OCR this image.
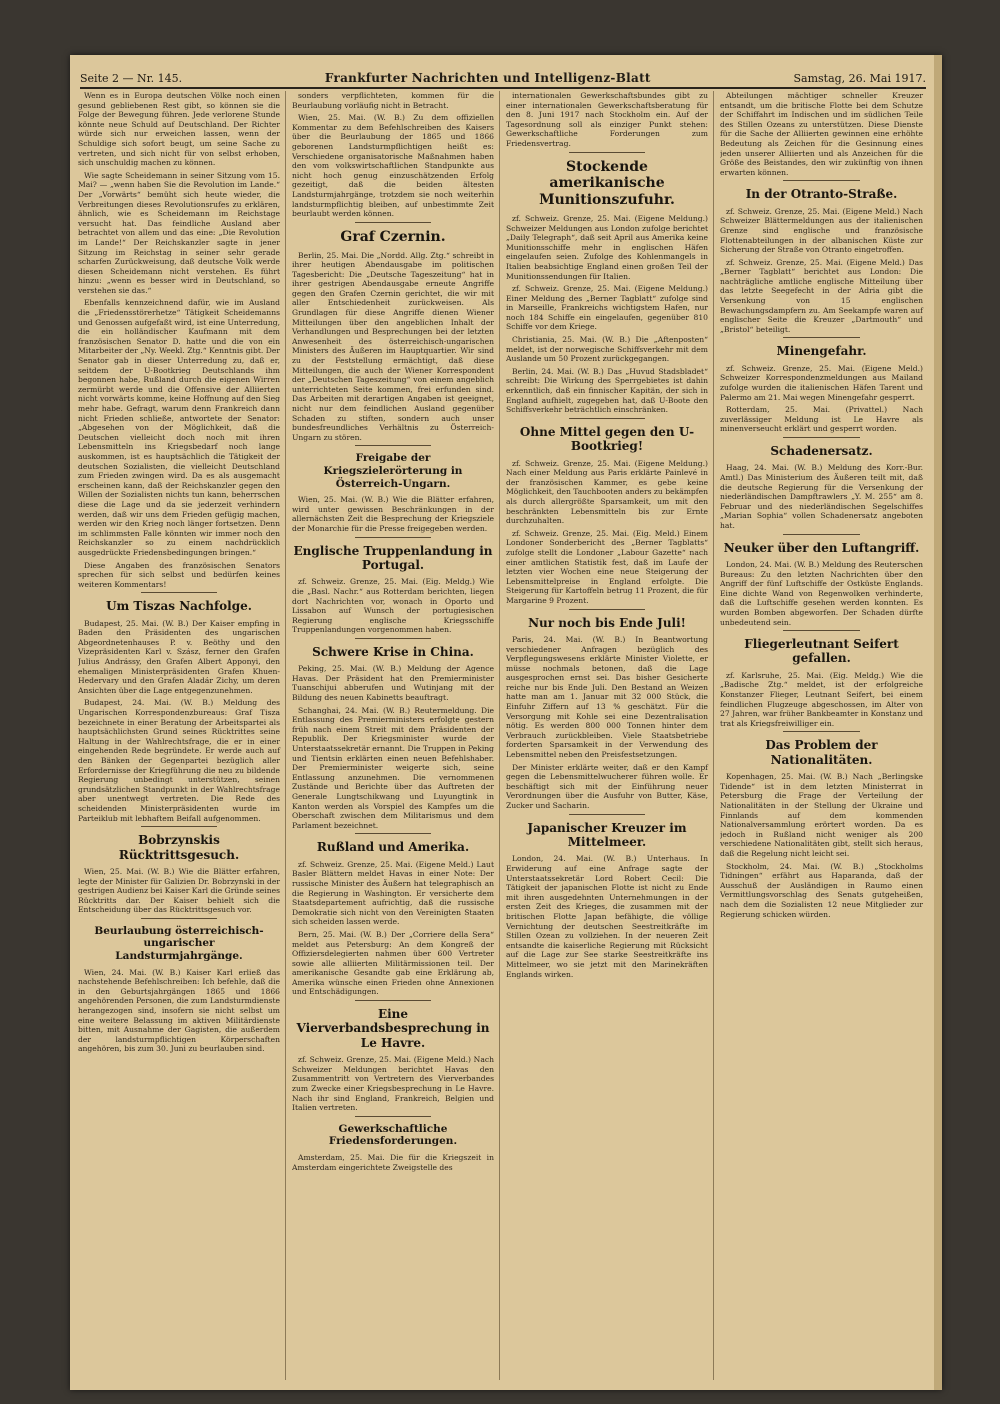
Seite 2 — Nr. 145.	Frankfurter Nachrichten und Intelligenz-Blatt	Samstag, 26. Mai 1917.

Wenn es in Europa deutschen Völke noch einen gesund gebliebenen Rest gibt, so können sie die Folge der Bewegung führen. Jede verlorene Stunde könnte neue Schuld auf Deutschland. Der Richter würde sich nur erweichen lassen, wenn der Schuldige sich sofort beugt, um seine Sache zu vertreten, und sich nicht für von selbst erhoben, sich unschuldig machen zu können.

Wie sagte Scheidemann in seiner Sitzung vom 15. Mai? — „wenn haben Sie die Revolution im Lande.“ Der „Vorwärts“ bemüht sich heute wieder, die Verbreitungen dieses Revolutionsrufes zu erklären, ähnlich, wie es Scheidemann im Reichstage versucht hat. Das feindliche Ausland aber betrachtet von allem und das eine: „Die Revolution im Lande!“ Der Reichskanzler sagte in jener Sitzung im Reichstag in seiner sehr gerade scharfen Zurückweisung, daß deutsche Volk werde diesen Scheidemann nicht verstehen. Es führt hinzu: „wenn es besser wird in Deutschland, so verstehen sie das.“

Ebenfalls kennzeichnend dafür, wie im Ausland die „Friedensstörerhetze“ Tätigkeit Scheidemanns und Genossen aufgefaßt wird, ist eine Unterredung, die ein holländischer Kaufmann mit dem französischen Senator D. hatte und die von ein Mitarbeiter der „Ny. Weekl. Ztg.“ Kenntnis gibt. Der Senator gab in dieser Unterredung zu, daß er, seitdem der U-Bootkrieg Deutschlands ihm begonnen habe, Rußland durch die eigenen Wirren zermürbt werde und die Offensive der Alliierten nicht vorwärts komme, keine Hoffnung auf den Sieg mehr habe. Gefragt, warum denn Frankreich dann nicht Frieden schließe, antwortete der Senator: „Abgesehen von der Möglichkeit, daß die Deutschen vielleicht doch noch mit ihren Lebensmitteln ins Kriegsbedarf noch lange auskommen, ist es hauptsächlich die Tätigkeit der deutschen Sozialisten, die vielleicht Deutschland zum Frieden zwingen wird. Da es als ausgemacht erscheinen kann, daß der Reichskanzler gegen den Willen der Sozialisten nichts tun kann, beherrschen diese die Lage und da sie jederzeit verhindern werden, daß wir uns dem Frieden gefügig machen, werden wir den Krieg noch länger fortsetzen. Denn im schlimmsten Falle könnten wir immer noch den Reichskanzler so zu einem nachdrücklich ausgedrückte Friedensbedingungen bringen.“

Diese Angaben des französischen Senators sprechen für sich selbst und bedürfen keines weiteren Kommentars!

Um Tiszas Nachfolge.

Budapest, 25. Mai. (W. B.) Der Kaiser empfing in Baden den Präsidenten des ungarischen Abgeordnetenhauses P. v. Beöthy und den Vizepräsidenten Karl v. Szász, ferner den Grafen Julius Andrássy, den Grafen Albert Apponyi, den ehemaligen Ministerpräsidenten Grafen Khuen-Hedervary und den Grafen Aladár Zichy, um deren Ansichten über die Lage entgegenzunehmen.

Budapest, 24. Mai. (W. B.) Meldung des Ungarischen Korrespondenzbureaus: Graf Tisza bezeichnete in einer Beratung der Arbeitspartei als hauptsächlichsten Grund seines Rücktrittes seine Haltung in der Wahlrechtsfrage, die er in einer eingehenden Rede begründete. Er werde auch auf den Bänken der Gegenpartei bezüglich aller Erfordernisse der Kriegführung die neu zu bildende Regierung unbedingt unterstützen, seinen grundsätzlichen Standpunkt in der Wahlrechtsfrage aber unentwegt vertreten. Die Rede des scheidenden Ministerpräsidenten wurde im Parteiklub mit lebhaftem Beifall aufgenommen.

Bobrzynskis Rücktrittsgesuch.

Wien, 25. Mai. (W. B.) Wie die Blätter erfahren, legte der Minister für Galizien Dr. Bobrzynski in der gestrigen Audienz bei Kaiser Karl die Gründe seines Rücktritts dar. Der Kaiser behielt sich die Entscheidung über das Rücktrittsgesuch vor.

Beurlaubung österreichisch-ungarischer Landsturmjahrgänge.

Wien, 24. Mai. (W. B.) Kaiser Karl erließ das nachstehende Befehlschreiben: Ich befehle, daß die in den Geburtsjahrgängen 1865 und 1866 angehörenden Personen, die zum Landsturmdienste herangezogen sind, insofern sie nicht selbst um eine weitere Belassung im aktiven Militärdienste bitten, mit Ausnahme der Gagisten, die außerdem der landsturmpflichtigen Körperschaften angehören, bis zum 30. Juni zu beurlauben sind.

sonders verpflichteten, kommen für die Beurlaubung vorläufig nicht in Betracht.

Wien, 25. Mai. (W. B.) Zu dem offiziellen Kommentar zu dem Befehlschreiben des Kaisers über die Beurlaubung der 1865 und 1866 geborenen Landsturmpflichtigen heißt es: Verschiedene organisatorische Maßnahmen haben den vom volkswirtschaftlichen Standpunkte aus nicht hoch genug einzuschätzenden Erfolg gezeitigt, daß die beiden ältesten Landsturmjahrgänge, trotzdem sie noch weiterhin landsturmpflichtig bleiben, auf unbestimmte Zeit beurlaubt werden können.

Graf Czernin.

Berlin, 25. Mai. Die „Nordd. Allg. Ztg.“ schreibt in ihrer heutigen Abendausgabe im politischen Tagesbericht: Die „Deutsche Tageszeitung“ hat in ihrer gestrigen Abendausgabe erneute Angriffe gegen den Grafen Czernin gerichtet, die wir mit aller Entschiedenheit zurückweisen. Als Grundlagen für diese Angriffe dienen Wiener Mitteilungen über den angeblichen Inhalt der Verhandlungen und Besprechungen bei der letzten Anwesenheit des österreichisch-ungarischen Ministers des Äußeren im Hauptquartier. Wir sind zu der Feststellung ermächtigt, daß diese Mitteilungen, die auch der Wiener Korrespondent der „Deutschen Tageszeitung“ von einem angeblich unterrichteten Seite kommen, frei erfunden sind. Das Arbeiten mit derartigen Angaben ist geeignet, nicht nur dem feindlichen Ausland gegenüber Schaden zu stiften, sondern auch unser bundesfreundliches Verhältnis zu Österreich-Ungarn zu stören.

Freigabe der Kriegszielerörterung in Österreich-Ungarn.

Wien, 25. Mai. (W. B.) Wie die Blätter erfahren, wird unter gewissen Beschränkungen in der allernächsten Zeit die Besprechung der Kriegsziele der Monarchie für die Presse freigegeben werden.

Englische Truppenlandung in Portugal.

zf. Schweiz. Grenze, 25. Mai. (Eig. Meldg.) Wie die „Basl. Nachr.“ aus Rotterdam berichten, liegen dort Nachrichten vor, wonach in Oporto und Lissabon auf Wunsch der portugiesischen Regierung englische Kriegsschiffe Truppenlandungen vorgenommen haben.

Schwere Krise in China.

Peking, 25. Mai. (W. B.) Meldung der Agence Havas. Der Präsident hat den Premierminister Tuanschijui abberufen und Wutinjang mit der Bildung des neuen Kabinetts beauftragt.

Schanghai, 24. Mai. (W. B.) Reutermeldung. Die Entlassung des Premierministers erfolgte gestern früh nach einem Streit mit dem Präsidenten der Republik. Der Kriegsminister wurde der Unterstaatssekretär ernannt. Die Truppen in Peking und Tientsin erklärten einen neuen Befehlshaber. Der Premierminister weigerte sich, seine Entlassung anzunehmen. Die vernommenen Zustände und Berichte über das Auftreten der Generale Lungtschikwang und Luyungtink in Kanton werden als Vorspiel des Kampfes um die Oberschaft zwischen dem Militarismus und dem Parlament bezeichnet.

Rußland und Amerika.

zf. Schweiz. Grenze, 25. Mai. (Eigene Meld.) Laut Basler Blättern meldet Havas in einer Note: Der russische Minister des Äußern hat telegraphisch an die Regierung in Washington. Er versicherte dem Staatsdepartement aufrichtig, daß die russische Demokratie sich nicht von den Vereinigten Staaten sich scheiden lassen werde.

Bern, 25. Mai. (W. B.) Der „Corriere della Sera“ meldet aus Petersburg: An dem Kongreß der Offiziersdelegierten nahmen über 600 Vertreter sowie alle alliierten Militärmissionen teil. Der amerikanische Gesandte gab eine Erklärung ab, Amerika wünsche einen Frieden ohne Annexionen und Entschädigungen.

Eine Vierverbandsbesprechung in Le Havre.

zf. Schweiz. Grenze, 25. Mai. (Eigene Meld.) Nach Schweizer Meldungen berichtet Havas den Zusammentritt von Vertretern des Vierverbandes zum Zwecke einer Kriegsbesprechung in Le Havre. Nach ihr sind England, Frankreich, Belgien und Italien vertreten.

Gewerkschaftliche Friedensforderungen.

Amsterdam, 25. Mai. Die für die Kriegszeit in Amsterdam eingerichtete Zweigstelle des

internationalen Gewerkschaftsbundes gibt zu einer internationalen Gewerkschaftsberatung für den 8. Juni 1917 nach Stockholm ein. Auf der Tagesordnung soll als einziger Punkt stehen: Gewerkschaftliche Forderungen zum Friedensvertrag.

Stockende amerikanische Munitionszufuhr.

zf. Schweiz. Grenze, 25. Mai. (Eigene Meldung.) Schweizer Meldungen aus London zufolge berichtet „Daily Telegraph“, daß seit April aus Amerika keine Munitionsschiffe mehr in englischen Häfen eingelaufen seien. Zufolge des Kohlenmangels in Italien beabsichtige England einen großen Teil der Munitionssendungen für Italien.

zf. Schweiz. Grenze, 25. Mai. (Eigene Meldung.) Einer Meldung des „Berner Tagblatt“ zufolge sind in Marseille, Frankreichs wichtigstem Hafen, nur noch 184 Schiffe ein eingelaufen, gegenüber 810 Schiffe vor dem Kriege.

Christiania, 25. Mai. (W. B.) Die „Aftenposten“ meldet, ist der norwegische Schiffsverkehr mit dem Auslande um 50 Prozent zurückgegangen.

Berlin, 24. Mai. (W. B.) Das „Huvud Stadsbladet“ schreibt: Die Wirkung des Sperrgebietes ist dahin erkenntlich, daß ein finnischer Kapitän, der sich in England aufhielt, zugegeben hat, daß U-Boote den Schiffsverkehr beträchtlich einschränken.

Ohne Mittel gegen den U-Bootkrieg!

zf. Schweiz. Grenze, 25. Mai. (Eigene Meldung.) Nach einer Meldung aus Paris erklärte Painlevé in der französischen Kammer, es gebe keine Möglichkeit, den Tauchbooten anders zu bekämpfen als durch allergrößte Sparsamkeit, um mit den beschränkten Lebensmitteln bis zur Ernte durchzuhalten.

zf. Schweiz. Grenze, 25. Mai. (Eig. Meld.) Einem Londoner Sonderbericht des „Berner Tagblatts“ zufolge stellt die Londoner „Labour Gazette“ nach einer amtlichen Statistik fest, daß im Laufe der letzten vier Wochen eine neue Steigerung der Lebensmittelpreise in England erfolgte. Die Steigerung für Kartoffeln betrug 11 Prozent, die für Margarine 9 Prozent.

Nur noch bis Ende Juli!

Paris, 24. Mai. (W. B.) In Beantwortung verschiedener Anfragen bezüglich des Verpflegungswesens erklärte Minister Violette, er müsse nochmals betonen, daß die Lage ausgesprochen ernst sei. Das bisher Gesicherte reiche nur bis Ende Juli. Den Bestand an Weizen hatte man am 1. Januar mit 32 000 Stück, die Einfuhr Ziffern auf 13 % geschätzt. Für die Versorgung mit Kohle sei eine Dezentralisation nötig. Es werden 800 000 Tonnen hinter dem Verbrauch zurückbleiben. Viele Staatsbetriebe forderten Sparsamkeit in der Verwendung des Lebensmittel neben den Preisfestsetzungen.

Der Minister erklärte weiter, daß er den Kampf gegen die Lebensmittelwucherer führen wolle. Er beschäftigt sich mit der Einführung neuer Verordnungen über die Ausfuhr von Butter, Käse, Zucker und Sacharin.

Japanischer Kreuzer im Mittelmeer.

London, 24. Mai. (W. B.) Unterhaus. In Erwiderung auf eine Anfrage sagte der Unterstaatssekretär Lord Robert Cecil: Die Tätigkeit der japanischen Flotte ist nicht zu Ende mit ihren ausgedehnten Unternehmungen in der ersten Zeit des Krieges, die zusammen mit der britischen Flotte Japan befähigte, die völlige Vernichtung der deutschen Seestreitkräfte im Stillen Ozean zu vollziehen. In der neueren Zeit entsandte die kaiserliche Regierung mit Rücksicht auf die Lage zur See starke Seestreitkräfte ins Mittelmeer, wo sie jetzt mit den Marinekräften Englands wirken.

Abteilungen mächtiger schneller Kreuzer entsandt, um die britische Flotte bei dem Schutze der Schiffahrt im Indischen und im südlichen Teile des Stillen Ozeans zu unterstützen. Diese Dienste für die Sache der Alliierten gewinnen eine erhöhte Bedeutung als Zeichen für die Gesinnung eines jeden unserer Alliierten und als Anzeichen für die Größe des Beistandes, den wir zukünftig von ihnen erwarten können.

In der Otranto-Straße.

zf. Schweiz. Grenze, 25. Mai. (Eigene Meld.) Nach Schweizer Blättermeldungen aus der italienischen Grenze sind englische und französische Flottenabteilungen in der albanischen Küste zur Sicherung der Straße von Otranto eingetroffen.

zf. Schweiz. Grenze, 25. Mai. (Eigene Meld.) Das „Berner Tagblatt“ berichtet aus London: Die nachträgliche amtliche englische Mitteilung über das letzte Seegefecht in der Adria gibt die Versenkung von 15 englischen Bewachungsdampfern zu. Am Seekampfe waren auf englischer Seite die Kreuzer „Dartmouth“ und „Bristol“ beteiligt.

Minengefahr.

zf. Schweiz. Grenze, 25. Mai. (Eigene Meld.) Schweizer Korrespondenzmeldungen aus Mailand zufolge wurden die italienischen Häfen Tarent und Palermo am 21. Mai wegen Minengefahr gesperrt.

Rotterdam, 25. Mai. (Privattel.) Nach zuverlässiger Meldung ist Le Havre als minenverseucht erklärt und gesperrt worden.

Schadenersatz.

Haag, 24. Mai. (W. B.) Meldung des Korr.-Bur. Amtl.) Das Ministerium des Äußeren teilt mit, daß die deutsche Regierung für die Versenkung der niederländischen Dampftrawlers „Y. M. 255“ am 8. Februar und des niederländischen Segelschiffes „Marian Sophia“ vollen Schadenersatz angeboten hat.

Neuker über den Luftangriff.

London, 24. Mai. (W. B.) Meldung des Reuterschen Bureaus: Zu den letzten Nachrichten über den Angriff der fünf Luftschiffe der Ostküste Englands. Eine dichte Wand von Regenwolken verhinderte, daß die Luftschiffe gesehen werden konnten. Es wurden Bomben abgeworfen. Der Schaden dürfte unbedeutend sein.

Fliegerleutnant Seifert gefallen.

zf. Karlsruhe, 25. Mai. (Eig. Meldg.) Wie die „Badische Ztg.“ meldet, ist der erfolgreiche Konstanzer Flieger, Leutnant Seifert, bei einem feindlichen Flugzeuge abgeschossen, im Alter von 27 Jahren, war früher Bankbeamter in Konstanz und trat als Kriegsfreiwilliger ein.

Das Problem der Nationalitäten.

Kopenhagen, 25. Mai. (W. B.) Nach „Berlingske Tidende“ ist in dem letzten Ministerrat in Petersburg die Frage der Verteilung der Nationalitäten in der Stellung der Ukraine und Finnlands auf dem kommenden Nationalversammlung erörtert worden. Da es jedoch in Rußland nicht weniger als 200 verschiedene Nationalitäten gibt, stellt sich heraus, daß die Regelung nicht leicht sei.

Stockholm, 24. Mai. (W. B.) „Stockholms Tidningen“ erfährt aus Haparanda, daß der Ausschuß der Ausländigen in Raumo einen Vermittlungsvorschlag des Senats gutgeheißen, nach dem die Sozialisten 12 neue Mitglieder zur Regierung schicken würden.
